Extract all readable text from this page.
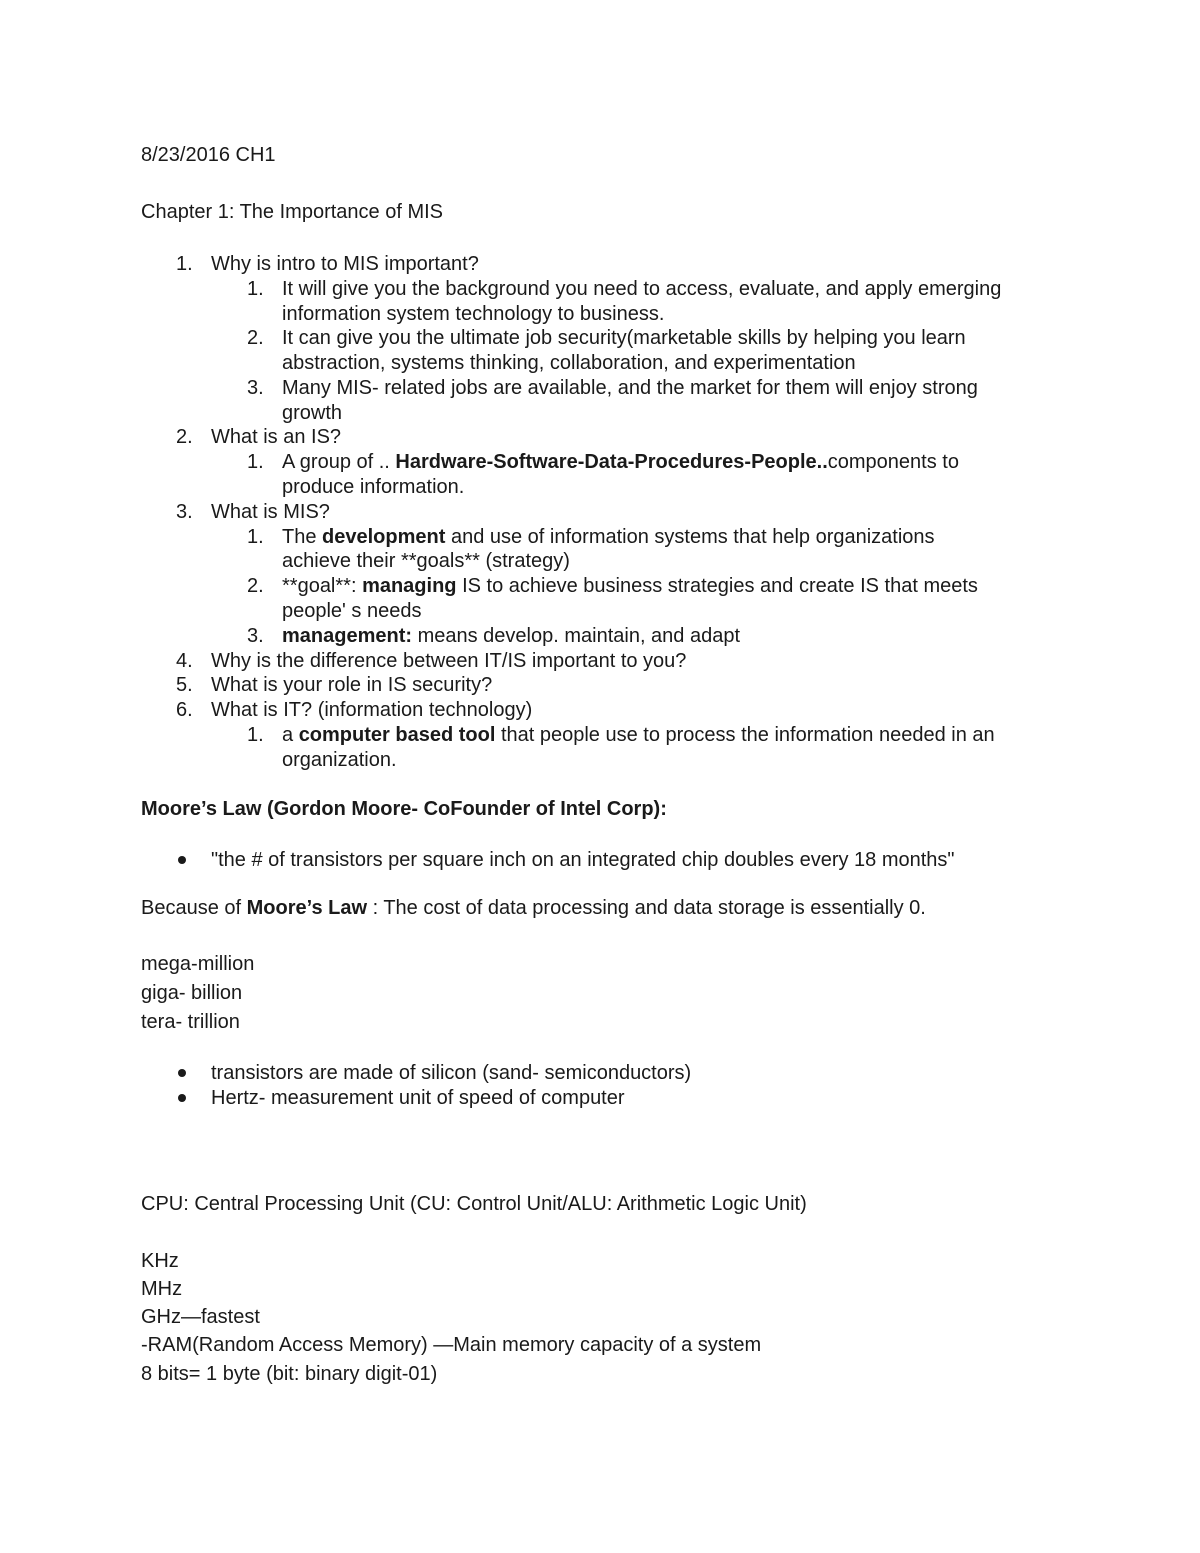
8/23/2016 CH1
Chapter 1: The Importance of MIS
1. Why is intro to MIS important?
1. It will give you the background you need to access, evaluate, and apply emerging
information system technology to business.
2. It can give you the ultimate job security(marketable skills by helping you learn
abstraction, systems thinking, collaboration, and experimentation
3. Many MIS- related jobs are available, and the market for them will enjoy strong
growth
2. What is an IS?
1. A group of .. Hardware-Software-Data-Procedures-People..components to
produce information.
3. What is MIS?
1. The development and use of information systems that help organizations
achieve their **goals** (strategy)
2. **goal**: managing IS to achieve business strategies and create IS that meets
people' s needs
3. management: means develop. maintain, and adapt
4. Why is the difference between IT/IS important to you?
5. What is your role in IS security?
6. What is IT? (information technology)
1. a computer based tool that people use to process the information needed in an
organization.
Moore’s Law (Gordon Moore- CoFounder of Intel Corp):
"the # of transistors per square inch on an integrated chip doubles every 18 months"
Because of Moore’s Law : The cost of data processing and data storage is essentially 0.
mega-million
giga- billion
tera- trillion
transistors are made of silicon (sand- semiconductors)
Hertz- measurement unit of speed of computer
CPU: Central Processing Unit (CU: Control Unit/ALU: Arithmetic Logic Unit)
KHz
MHz
GHz—fastest
-RAM(Random Access Memory) —Main memory capacity of a system
8 bits= 1 byte (bit: binary digit-01)
